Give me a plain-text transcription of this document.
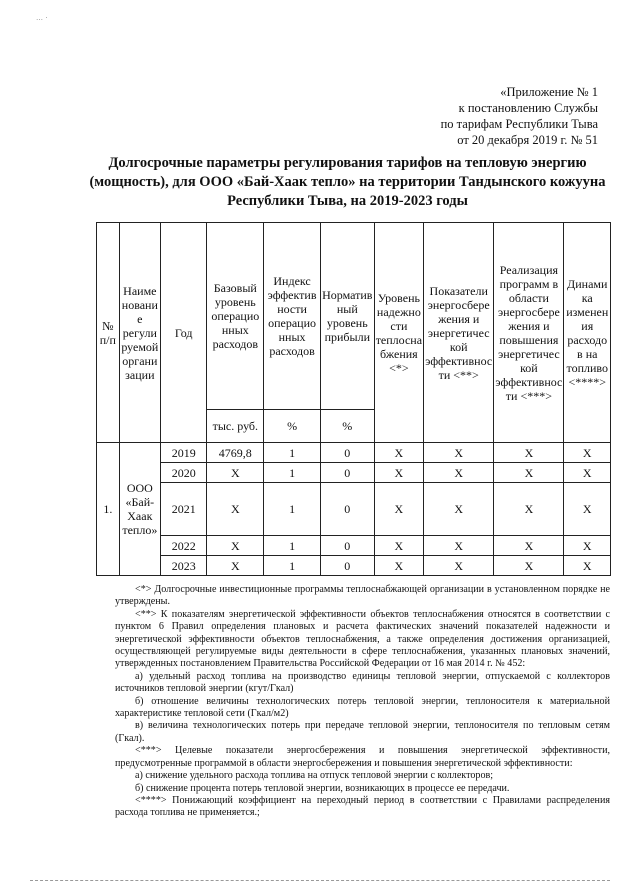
… ·
«Приложение № 1
к постановлению Службы
по тарифам Республики Тыва
от 20 декабря 2019 г. № 51
Долгосрочные параметры регулирования тарифов на тепловую энергию (мощность), для ООО «Бай-Хаак тепло» на территории Тандынского кожууна Республики Тыва, на 2019-2023 годы
№ п/п	Наименование регулируемой организации	Год	Базовый уровень операционных расходов	Индекс эффективности операционных расходов	Нормативный уровень прибыли	Уровень надежности теплоснабжения <*>	Показатели энергосбережения и энергетической эффективности <**>	Реализация программ в области энергосбережения и повышения энергетической эффективности <***>	Динамика изменения расходов на топливо <****>
			тыс. руб.	%	%				
1.	ООО «Бай-Хаак тепло»	2019	4769,8	1	0	Х	Х	Х	Х
		2020	Х	1	0	Х	Х	Х	Х
		2021	Х	1	0	Х	Х	Х	Х
		2022	Х	1	0	Х	Х	Х	Х
		2023	Х	1	0	Х	Х	Х	Х

<*> Долгосрочные инвестиционные программы теплоснабжающей организации в установленном порядке не утверждены.

<**> К показателям энергетической эффективности объектов теплоснабжения относятся в соответствии с пунктом 6 Правил определения плановых и расчета фактических значений показателей надежности и энергетической эффективности объектов теплоснабжения, а также определения достижения организацией, осуществляющей регулируемые виды деятельности в сфере теплоснабжения, указанных плановых значений, утвержденных постановлением Правительства Российской Федерации от 16 мая 2014 г. № 452:

а) удельный расход топлива на производство единицы тепловой энергии, отпускаемой с коллекторов источников тепловой энергии (кгут/Гкал)

б) отношение величины технологических потерь тепловой энергии, теплоносителя к материальной характеристике тепловой сети (Гкал/м2)

в) величина технологических потерь при передаче тепловой энергии, теплоносителя по тепловым сетям (Гкал).

<***> Целевые показатели энергосбережения и повышения энергетической эффективности, предусмотренные программой в области энергосбережения и повышения энергетической эффективности:

а) снижение удельного расхода топлива на отпуск тепловой энергии с коллекторов;

б) снижение процента потерь тепловой энергии, возникающих в процессе ее передачи.

<****> Понижающий коэффициент на переходный период в соответствии с Правилами распределения расхода топлива не применяется.;
